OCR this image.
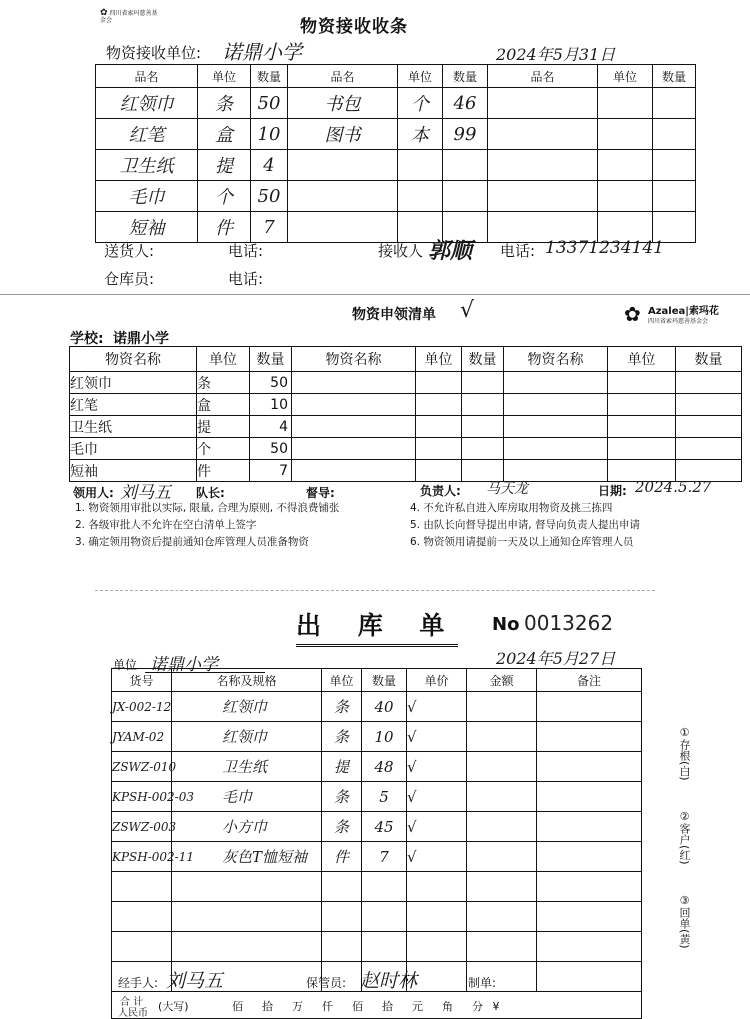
✿ 四川省索玛慈善基金会	物资接收收条
物资接收单位: 诺鼎小学	2024年5月31日
品名	单位	数量	品名	单位	数量	品名	单位	数量
红领巾	条	50	书包	个	46			
红笔	盒	10	图书	本	99			
卫生纸	提	4						
毛巾	个	50						
短袖	件	7						
送货人:	电话:	接收人 郭顺 电话: 13371234141
仓库员:	电话:
物资申领清单 √	✿ Azalea|索玛花
四川省索玛慈善基金会
学校: 诺鼎小学
物资名称	单位	数量	物资名称	单位	数量	物资名称	单位	数量
红领巾	条	50						
红笔	盒	10						
卫生纸	提	4						
毛巾	个	50						
短袖	件	7						
领用人: 刘马五 队长:	督导:	负责人: 马天龙	日期: 2024.5.27
1. 物资领用审批以实际, 限量, 合理为原则, 不得浪费铺张
2. 各级审批人不允许在空白清单上签字
3. 确定领用物资后提前通知仓库管理人员准备物资
4. 不允许私自进入库房取用物资及挑三拣四
5. 由队长向督导提出申请, 督导向负责人提出申请
6. 物资领用请提前一天及以上通知仓库管理人员
出 库 单 No 0013262
单位 诺鼎小学	2024年5月27日
货号	名称及规格	单位	数量	单价	金额	备注
JX-002-12	红领巾	条	40	√		
JYAM-02	红领巾	条	10	√		
ZSWZ-010	卫生纸	提	48	√		
KPSH-002-03	毛巾	条	5	√		
ZSWZ-003	小方巾	条	45	√		
KPSH-002-11	灰色T恤短袖	件	7	√		

合 计
人民币
(大写) 佰  拾  万  仟  佰  拾  元  角  分 ¥						
①存根(白)
②客户(红)
③回单(黄)
经手人: 刘马五	保管员: 赵时林	制单:
